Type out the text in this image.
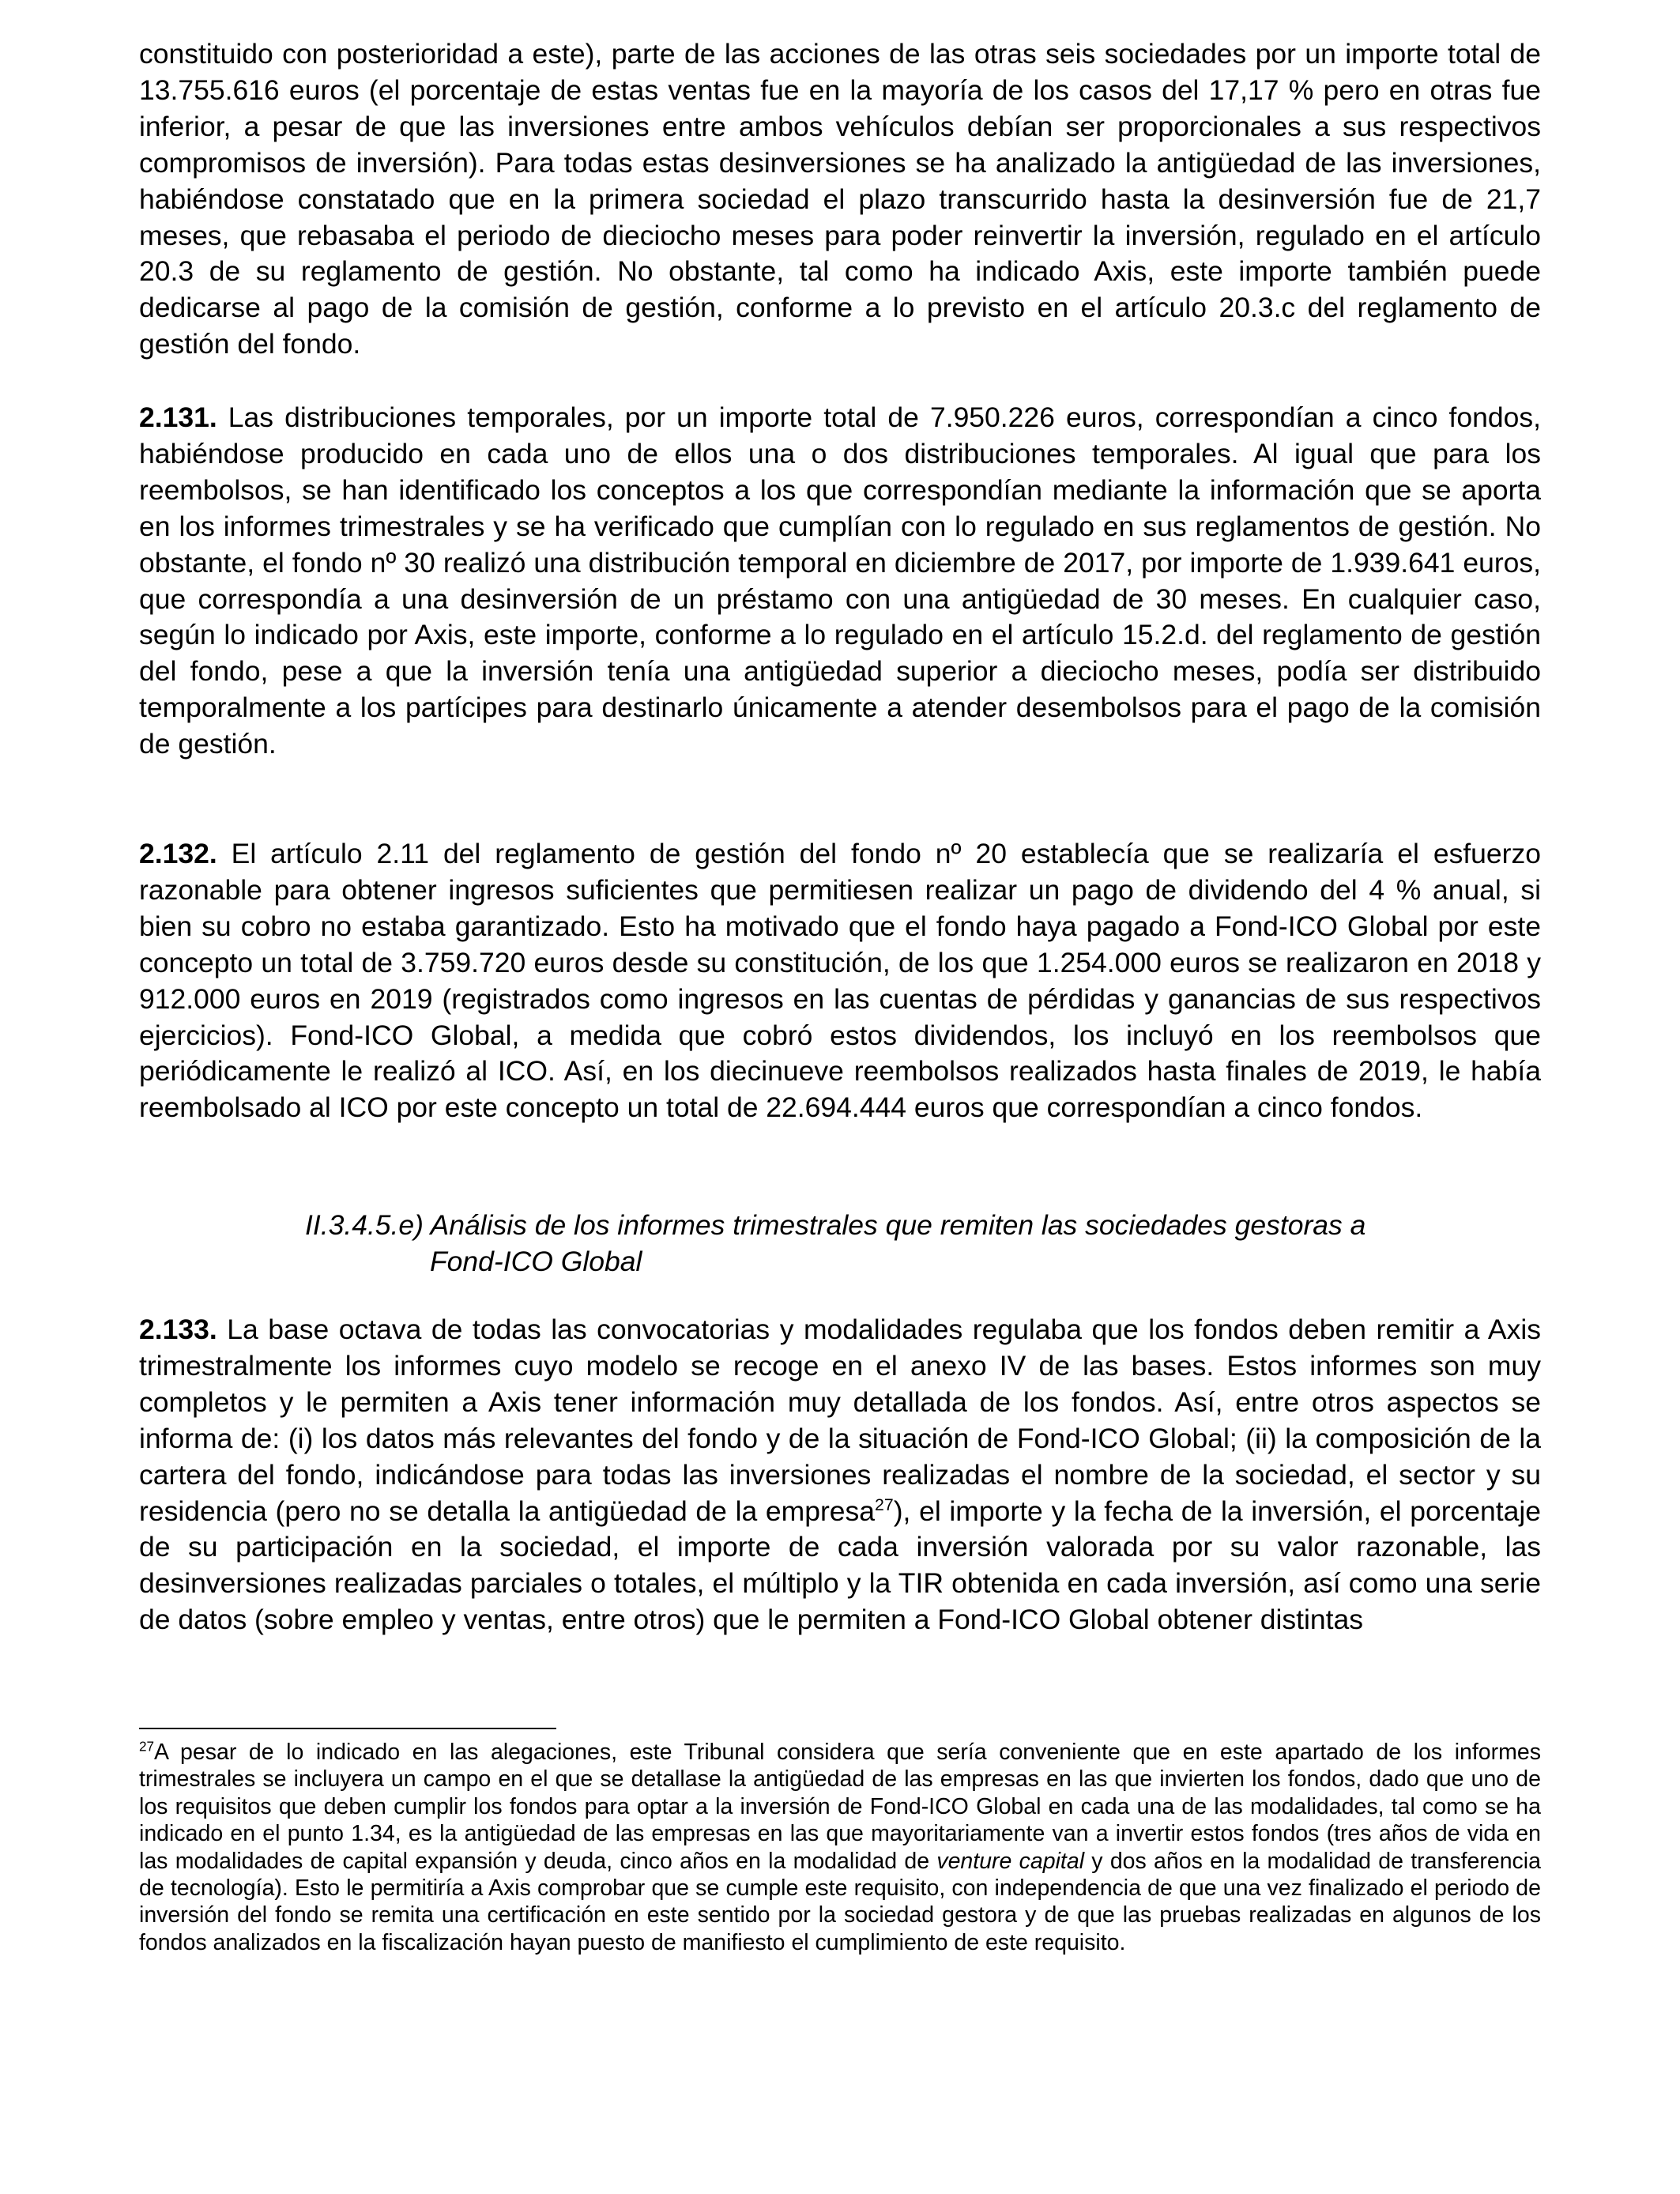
constituido con posterioridad a este), parte de las acciones de las otras seis sociedades por un importe total de 13.755.616 euros (el porcentaje de estas ventas fue en la mayoría de los casos del 17,17 % pero en otras fue inferior, a pesar de que las inversiones entre ambos vehículos debían ser proporcionales a sus respectivos compromisos de inversión). Para todas estas desinversiones se ha analizado la antigüedad de las inversiones, habiéndose constatado que en la primera sociedad el plazo transcurrido hasta la desinversión fue de 21,7 meses, que rebasaba el periodo de dieciocho meses para poder reinvertir la inversión, regulado en el artículo 20.3 de su reglamento de gestión. No obstante, tal como ha indicado Axis, este importe también puede dedicarse al pago de la comisión de gestión, conforme a lo previsto en el artículo 20.3.c del reglamento de gestión del fondo.

2.131. Las distribuciones temporales, por un importe total de 7.950.226 euros, correspondían a cinco fondos, habiéndose producido en cada uno de ellos una o dos distribuciones temporales. Al igual que para los reembolsos, se han identificado los conceptos a los que correspondían mediante la información que se aporta en los informes trimestrales y se ha verificado que cumplían con lo regulado en sus reglamentos de gestión. No obstante, el fondo nº 30 realizó una distribución temporal en diciembre de 2017, por importe de 1.939.641 euros, que correspondía a una desinversión de un préstamo con una antigüedad de 30 meses. En cualquier caso, según lo indicado por Axis, este importe, conforme a lo regulado en el artículo 15.2.d. del reglamento de gestión del fondo, pese a que la inversión tenía una antigüedad superior a dieciocho meses, podía ser distribuido temporalmente a los partícipes para destinarlo únicamente a atender desembolsos para el pago de la comisión de gestión.

2.132. El artículo 2.11 del reglamento de gestión del fondo nº 20 establecía que se realizaría el esfuerzo razonable para obtener ingresos suficientes que permitiesen realizar un pago de dividendo del 4 % anual, si bien su cobro no estaba garantizado. Esto ha motivado que el fondo haya pagado a Fond-ICO Global por este concepto un total de 3.759.720 euros desde su constitución, de los que 1.254.000 euros se realizaron en 2018 y 912.000 euros en 2019 (registrados como ingresos en las cuentas de pérdidas y ganancias de sus respectivos ejercicios). Fond-ICO Global, a medida que cobró estos dividendos, los incluyó en los reembolsos que periódicamente le realizó al ICO. Así, en los diecinueve reembolsos realizados hasta finales de 2019, le había reembolsado al ICO por este concepto un total de 22.694.444 euros que correspondían a cinco fondos.

II.3.4.5.e) Análisis de los informes trimestrales que remiten las sociedades gestoras a
Fond-ICO Global

2.133. La base octava de todas las convocatorias y modalidades regulaba que los fondos deben remitir a Axis trimestralmente los informes cuyo modelo se recoge en el anexo IV de las bases. Estos informes son muy completos y le permiten a Axis tener información muy detallada de los fondos. Así, entre otros aspectos se informa de: (i) los datos más relevantes del fondo y de la situación de Fond-ICO Global; (ii) la composición de la cartera del fondo, indicándose para todas las inversiones realizadas el nombre de la sociedad, el sector y su residencia (pero no se detalla la antigüedad de la empresa$^{27}$), el importe y la fecha de la inversión, el porcentaje de su participación en la sociedad, el importe de cada inversión valorada por su valor razonable, las desinversiones realizadas parciales o totales, el múltiplo y la TIR obtenida en cada inversión, así como una serie de datos (sobre empleo y ventas, entre otros) que le permiten a Fond-ICO Global obtener distintas

$^{27}$A pesar de lo indicado en las alegaciones, este Tribunal considera que sería conveniente que en este apartado de los informes trimestrales se incluyera un campo en el que se detallase la antigüedad de las empresas en las que invierten los fondos, dado que uno de los requisitos que deben cumplir los fondos para optar a la inversión de Fond-ICO Global en cada una de las modalidades, tal como se ha indicado en el punto 1.34, es la antigüedad de las empresas en las que mayoritariamente van a invertir estos fondos (tres años de vida en las modalidades de capital expansión y deuda, cinco años en la modalidad de venture capital y dos años en la modalidad de transferencia de tecnología). Esto le permitiría a Axis comprobar que se cumple este requisito, con independencia de que una vez finalizado el periodo de inversión del fondo se remita una certificación en este sentido por la sociedad gestora y de que las pruebas realizadas en algunos de los fondos analizados en la fiscalización hayan puesto de manifiesto el cumplimiento de este requisito.
